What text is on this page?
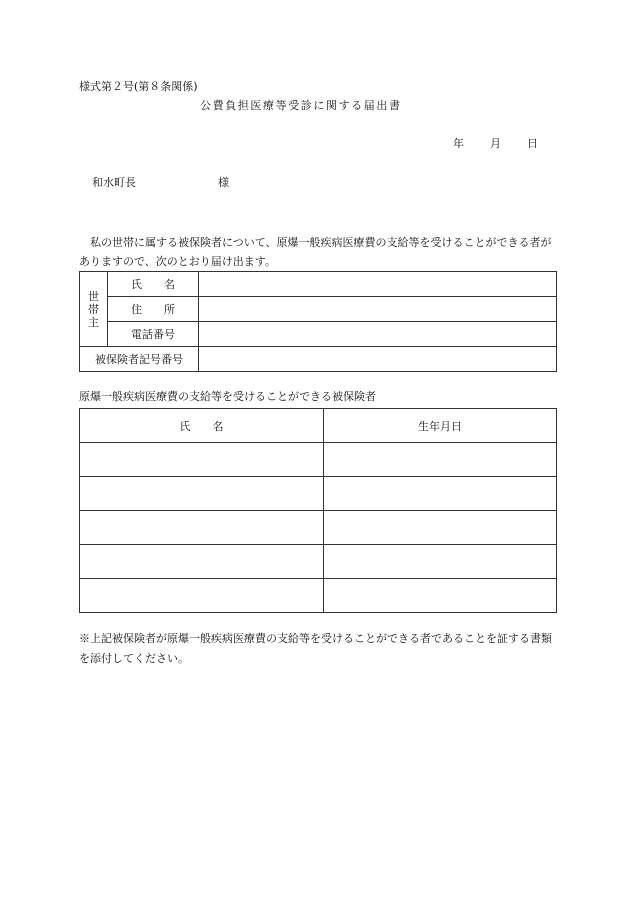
様式第２号(第８条関係)
公費負担医療等受診に関する届出書
年 月 日
和水町長	様
　私の世帯に属する被保険者について、原爆一般疾病医療費の支給等を受けることができる者がありますので、次のとおり届け出ます。
世
帯
主	氏　　名	
	住　　所	
	電話番号	
被保険者記号番号		
原爆一般疾病医療費の支給等を受けることができる被保険者
氏　　名	生年月日

※上記被保険者が原爆一般疾病医療費の支給等を受けることができる者であることを証する書類を添付してください。
